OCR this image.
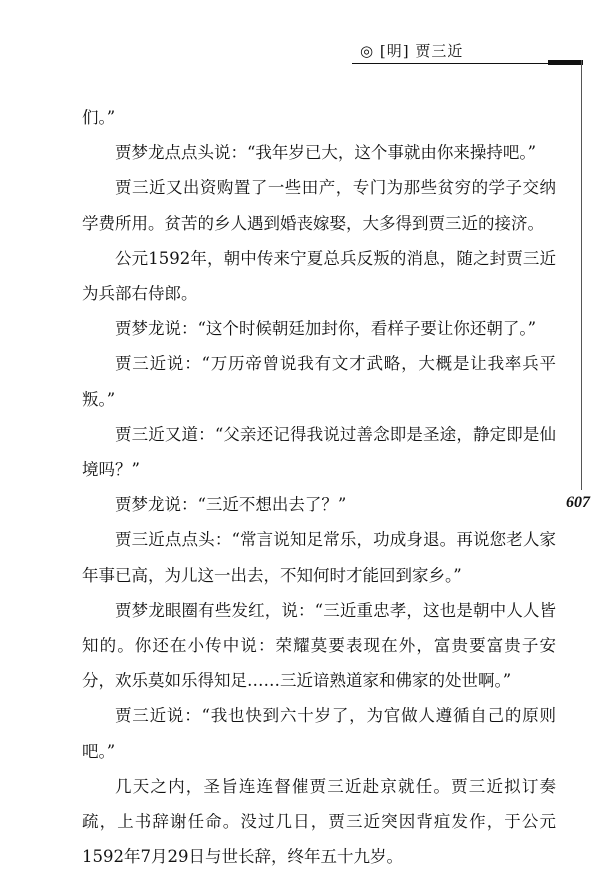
◎ [明] 贾三近
607

们。”

贾梦龙点点头说：“我年岁已大，这个事就由你来操持吧。”

贾三近又出资购置了一些田产，专门为那些贫穷的学子交纳学费所用。贫苦的乡人遇到婚丧嫁娶，大多得到贾三近的接济。

公元1592年，朝中传来宁夏总兵反叛的消息，随之封贾三近为兵部右侍郎。

贾梦龙说：“这个时候朝廷加封你，看样子要让你还朝了。”

贾三近说：“万历帝曾说我有文才武略，大概是让我率兵平叛。”

贾三近又道：“父亲还记得我说过善念即是圣途，静定即是仙境吗？”

贾梦龙说：“三近不想出去了？”

贾三近点点头：“常言说知足常乐，功成身退。再说您老人家年事已高，为儿这一出去，不知何时才能回到家乡。”

贾梦龙眼圈有些发红，说：“三近重忠孝，这也是朝中人人皆知的。你还在小传中说：荣耀莫要表现在外，富贵要富贵子安分，欢乐莫如乐得知足……三近谙熟道家和佛家的处世啊。”

贾三近说：“我也快到六十岁了，为官做人遵循自己的原则吧。”

几天之内，圣旨连连督催贾三近赴京就任。贾三近拟订奏疏，上书辞谢任命。没过几日，贾三近突因背疽发作，于公元1592年7月29日与世长辞，终年五十九岁。
